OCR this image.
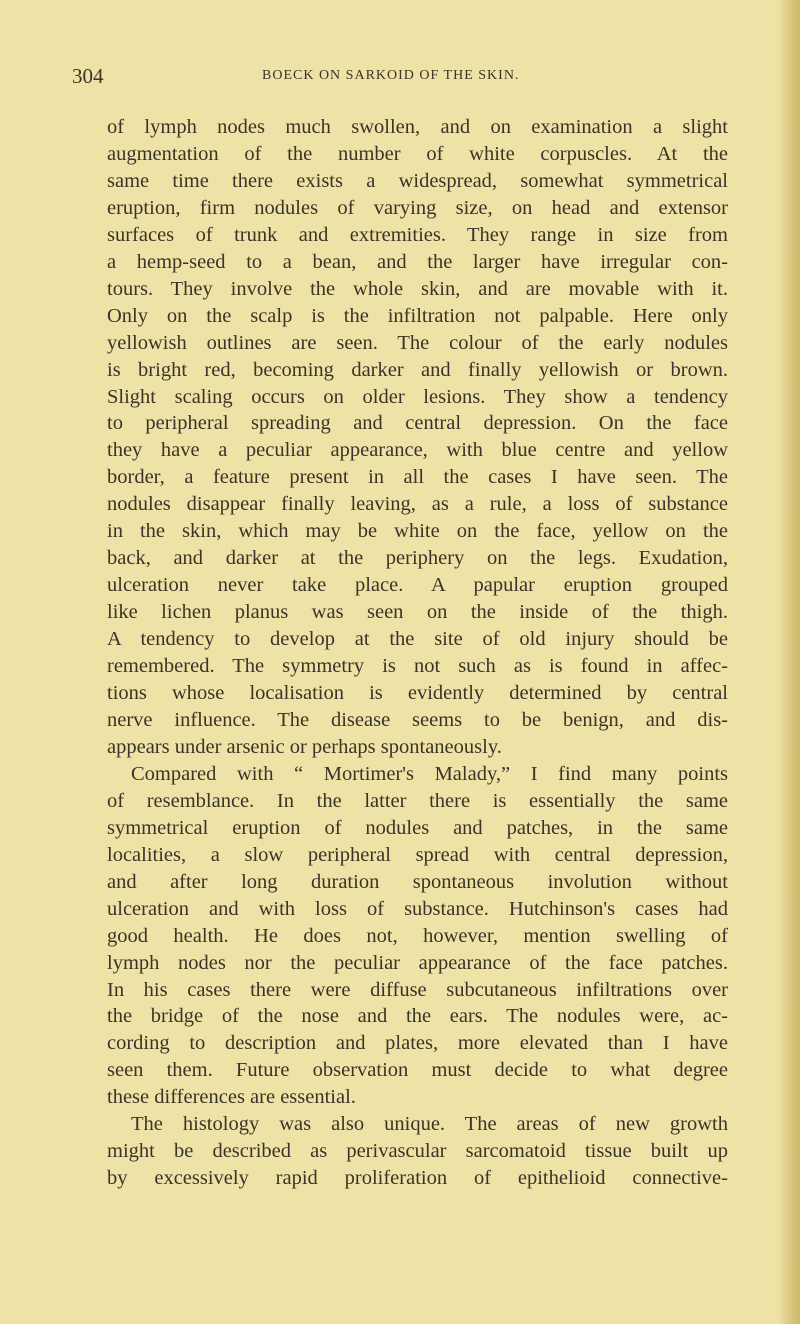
304	BOECK ON SARKOID OF THE SKIN.
of lymph nodes much swollen, and on examination a slight
augmentation of the number of white corpuscles. At the
same time there exists a widespread, somewhat symmetrical
eruption, firm nodules of varying size, on head and extensor
surfaces of trunk and extremities. They range in size from
a hemp-seed to a bean, and the larger have irregular con-
tours. They involve the whole skin, and are movable with it.
Only on the scalp is the infiltration not palpable. Here only
yellowish outlines are seen. The colour of the early nodules
is bright red, becoming darker and finally yellowish or brown.
Slight scaling occurs on older lesions. They show a tendency
to peripheral spreading and central depression. On the face
they have a peculiar appearance, with blue centre and yellow
border, a feature present in all the cases I have seen. The
nodules disappear finally leaving, as a rule, a loss of substance
in the skin, which may be white on the face, yellow on the
back, and darker at the periphery on the legs. Exudation,
ulceration never take place. A papular eruption grouped
like lichen planus was seen on the inside of the thigh.
A tendency to develop at the site of old injury should be
remembered. The symmetry is not such as is found in affec-
tions whose localisation is evidently determined by central
nerve influence. The disease seems to be benign, and dis-
appears under arsenic or perhaps spontaneously.
Compared with “ Mortimer's Malady,” I find many points
of resemblance. In the latter there is essentially the same
symmetrical eruption of nodules and patches, in the same
localities, a slow peripheral spread with central depression,
and after long duration spontaneous involution without
ulceration and with loss of substance. Hutchinson's cases had
good health. He does not, however, mention swelling of
lymph nodes nor the peculiar appearance of the face patches.
In his cases there were diffuse subcutaneous infiltrations over
the bridge of the nose and the ears. The nodules were, ac-
cording to description and plates, more elevated than I have
seen them. Future observation must decide to what degree
these differences are essential.
The histology was also unique. The areas of new growth
might be described as perivascular sarcomatoid tissue built up
by excessively rapid proliferation of epithelioid connective-
